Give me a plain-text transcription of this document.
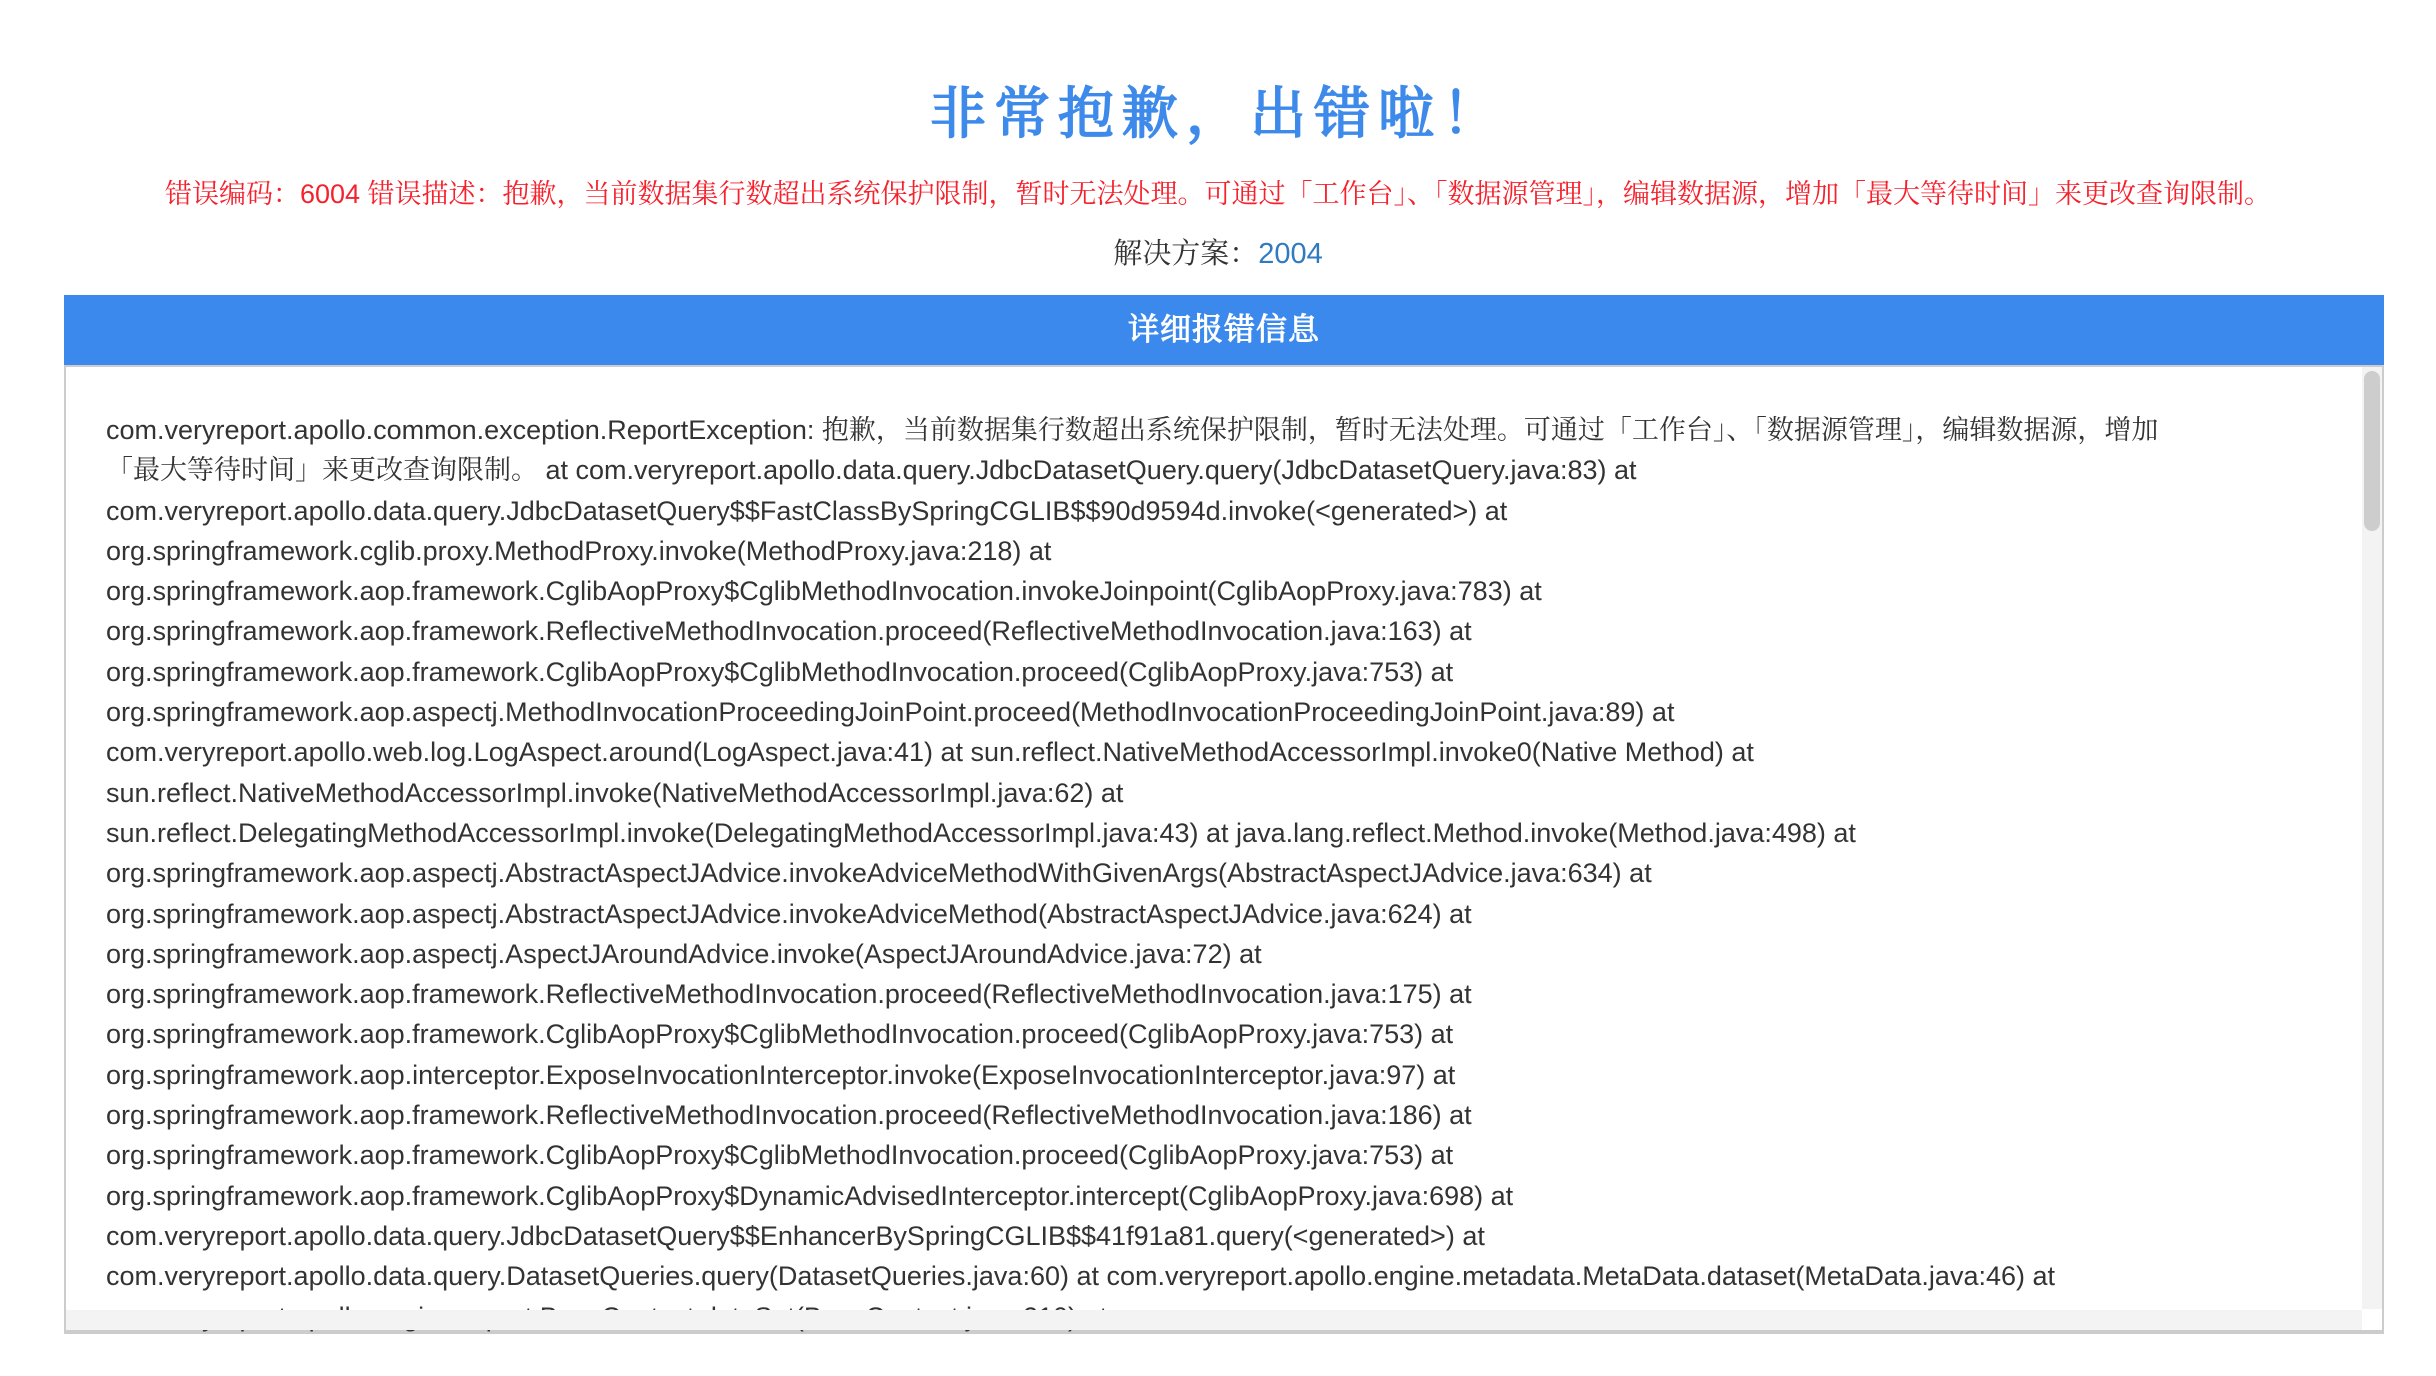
非常抱歉，出错啦！
错误编码：6004 错误描述：抱歉，当前数据集行数超出系统保护限制，暂时无法处理。可通过「工作台」、「数据源管理」，编辑数据源，增加「最大等待时间」来更改查询限制。
解决方案：2004
详细报错信息
com.veryreport.apollo.common.exception.ReportException: 抱歉，当前数据集行数超出系统保护限制，暂时无法处理。可通过「工作台」、「数据源管理」，编辑数据源，增加
「最大等待时间」来更改查询限制。 at com.veryreport.apollo.data.query.JdbcDatasetQuery.query(JdbcDatasetQuery.java:83) at
com.veryreport.apollo.data.query.JdbcDatasetQuery$$FastClassBySpringCGLIB$$90d9594d.invoke(<generated>) at
org.springframework.cglib.proxy.MethodProxy.invoke(MethodProxy.java:218) at
org.springframework.aop.framework.CglibAopProxy$CglibMethodInvocation.invokeJoinpoint(CglibAopProxy.java:783) at
org.springframework.aop.framework.ReflectiveMethodInvocation.proceed(ReflectiveMethodInvocation.java:163) at
org.springframework.aop.framework.CglibAopProxy$CglibMethodInvocation.proceed(CglibAopProxy.java:753) at
org.springframework.aop.aspectj.MethodInvocationProceedingJoinPoint.proceed(MethodInvocationProceedingJoinPoint.java:89) at
com.veryreport.apollo.web.log.LogAspect.around(LogAspect.java:41) at sun.reflect.NativeMethodAccessorImpl.invoke0(Native Method) at
sun.reflect.NativeMethodAccessorImpl.invoke(NativeMethodAccessorImpl.java:62) at
sun.reflect.DelegatingMethodAccessorImpl.invoke(DelegatingMethodAccessorImpl.java:43) at java.lang.reflect.Method.invoke(Method.java:498) at
org.springframework.aop.aspectj.AbstractAspectJAdvice.invokeAdviceMethodWithGivenArgs(AbstractAspectJAdvice.java:634) at
org.springframework.aop.aspectj.AbstractAspectJAdvice.invokeAdviceMethod(AbstractAspectJAdvice.java:624) at
org.springframework.aop.aspectj.AspectJAroundAdvice.invoke(AspectJAroundAdvice.java:72) at
org.springframework.aop.framework.ReflectiveMethodInvocation.proceed(ReflectiveMethodInvocation.java:175) at
org.springframework.aop.framework.CglibAopProxy$CglibMethodInvocation.proceed(CglibAopProxy.java:753) at
org.springframework.aop.interceptor.ExposeInvocationInterceptor.invoke(ExposeInvocationInterceptor.java:97) at
org.springframework.aop.framework.ReflectiveMethodInvocation.proceed(ReflectiveMethodInvocation.java:186) at
org.springframework.aop.framework.CglibAopProxy$CglibMethodInvocation.proceed(CglibAopProxy.java:753) at
org.springframework.aop.framework.CglibAopProxy$DynamicAdvisedInterceptor.intercept(CglibAopProxy.java:698) at
com.veryreport.apollo.data.query.JdbcDatasetQuery$$EnhancerBySpringCGLIB$$41f91a81.query(<generated>) at
com.veryreport.apollo.data.query.DatasetQueries.query(DatasetQueries.java:60) at com.veryreport.apollo.engine.metadata.MetaData.dataset(MetaData.java:46) at
